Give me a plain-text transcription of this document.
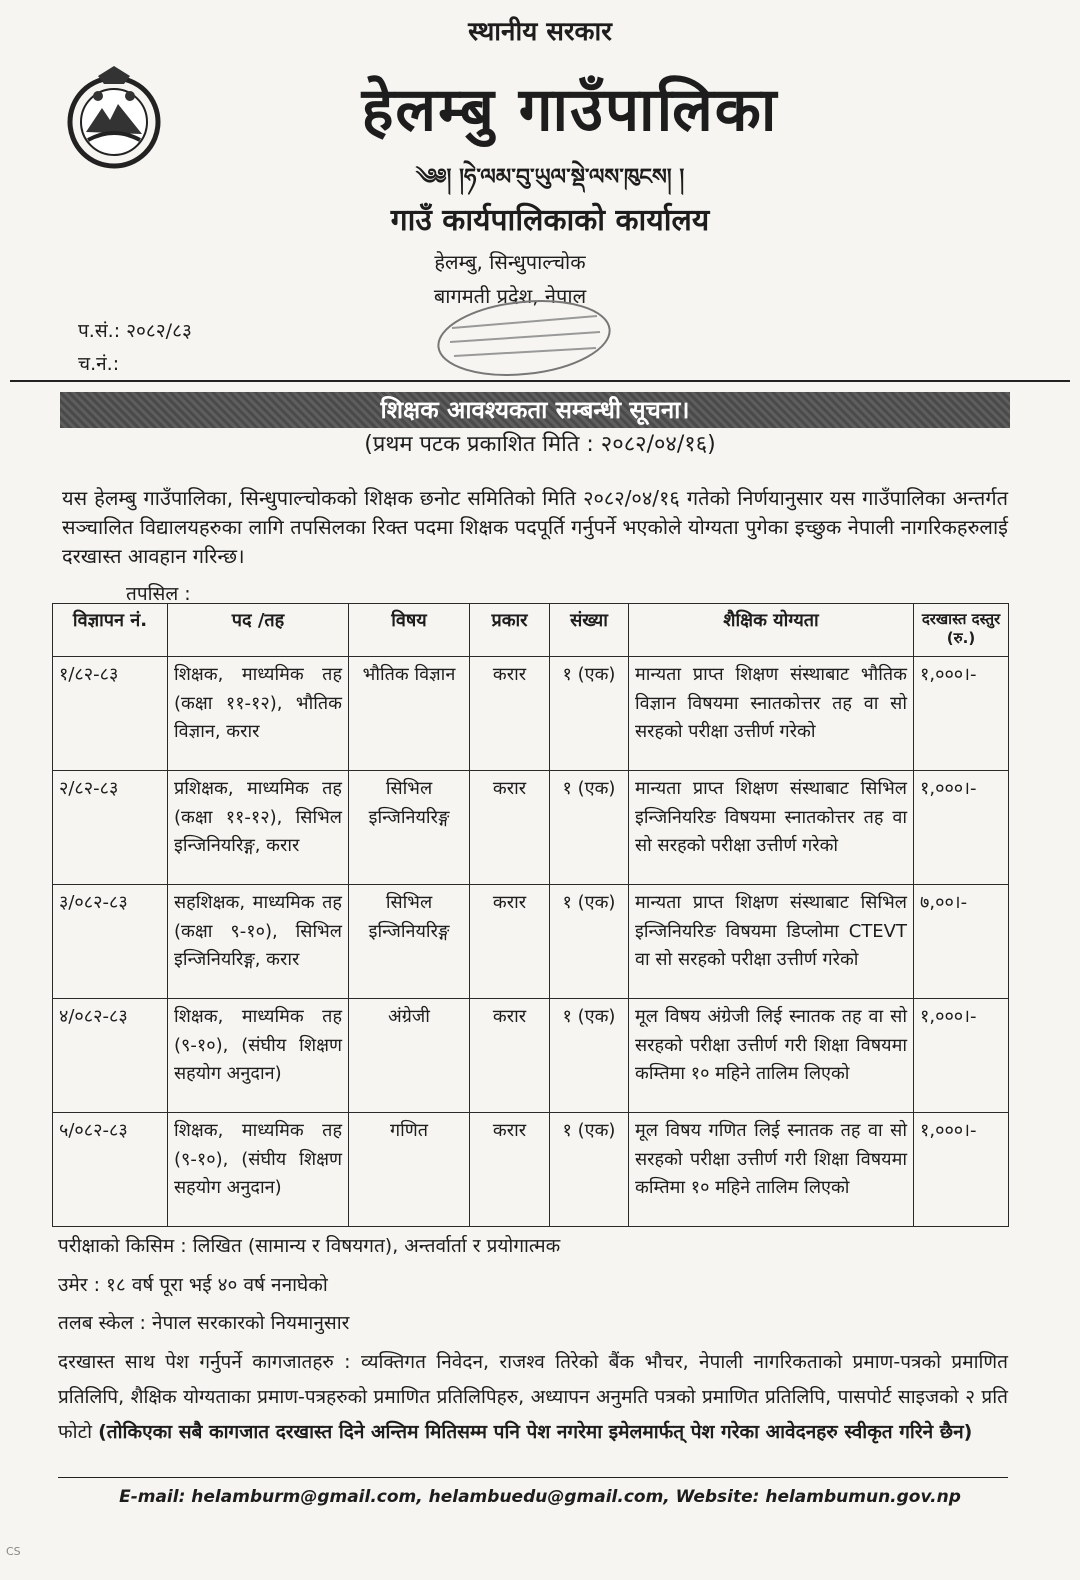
स्थानीय सरकार
हेलम्बु गाउँपालिका
༄༅། །ཧེ་ལམ་བུ་ཡུལ་སྡེ་ལས་ཁུངས། །
गाउँ कार्यपालिकाको कार्यालय
हेलम्बु, सिन्धुपाल्चोक
बागमती प्रदेश, नेपाल
प.सं.: २०८२/८३
च.नं.:
शिक्षक आवश्यकता सम्बन्धी सूचना।
(प्रथम पटक प्रकाशित मिति : २०८२/०४/१६)
यस हेलम्बु गाउँपालिका, सिन्धुपाल्चोकको शिक्षक छनोट समितिको मिति २०८२/०४/१६ गतेको निर्णयानुसार यस गाउँपालिका अन्तर्गत सञ्चालित विद्यालयहरुका लागि तपसिलका रिक्त पदमा शिक्षक पदपूर्ति गर्नुपर्ने भएकोले योग्यता पुगेका इच्छुक नेपाली नागरिकहरुलाई दरखास्त आवहान गरिन्छ।
तपसिल :
विज्ञापन नं.	पद /तह	विषय	प्रकार	संख्या	शैक्षिक योग्यता	दरखास्त दस्तुर (रु.)
१/८२-८३	शिक्षक, माध्यमिक तह (कक्षा ११-१२), भौतिक विज्ञान, करार	भौतिक विज्ञान	करार	१ (एक)	मान्यता प्राप्त शिक्षण संस्थाबाट भौतिक विज्ञान विषयमा स्नातकोत्तर तह वा सो सरहको परीक्षा उत्तीर्ण गरेको	१,०००।-
२/८२-८३	प्रशिक्षक, माध्यमिक तह (कक्षा ११-१२), सिभिल इन्जिनियरिङ्ग, करार	सिभिल इन्जिनियरिङ्ग	करार	१ (एक)	मान्यता प्राप्त शिक्षण संस्थाबाट सिभिल इन्जिनियरिङ विषयमा स्नातकोत्तर तह वा सो सरहको परीक्षा उत्तीर्ण गरेको	१,०००।-
३/०८२-८३	सहशिक्षक, माध्यमिक तह (कक्षा ९-१०), सिभिल इन्जिनियरिङ्ग, करार	सिभिल इन्जिनियरिङ्ग	करार	१ (एक)	मान्यता प्राप्त शिक्षण संस्थाबाट सिभिल इन्जिनियरिङ विषयमा डिप्लोमा CTEVT वा सो सरहको परीक्षा उत्तीर्ण गरेको	७,००।-
४/०८२-८३	शिक्षक, माध्यमिक तह (९-१०), (संघीय शिक्षण सहयोग अनुदान)	अंग्रेजी	करार	१ (एक)	मूल विषय अंग्रेजी लिई स्नातक तह वा सो सरहको परीक्षा उत्तीर्ण गरी शिक्षा विषयमा कम्तिमा १० महिने तालिम लिएको	१,०००।-
५/०८२-८३	शिक्षक, माध्यमिक तह (९-१०), (संघीय शिक्षण सहयोग अनुदान)	गणित	करार	१ (एक)	मूल विषय गणित लिई स्नातक तह वा सो सरहको परीक्षा उत्तीर्ण गरी शिक्षा विषयमा कम्तिमा १० महिने तालिम लिएको	१,०००।-
परीक्षाको किसिम : लिखित (सामान्य र विषयगत), अन्तर्वार्ता र प्रयोगात्मक
उमेर : १८ वर्ष पूरा भई ४० वर्ष ननाघेको
तलब स्केल : नेपाल सरकारको नियमानुसार
दरखास्त साथ पेश गर्नुपर्ने कागजातहरु : व्यक्तिगत निवेदन, राजश्व तिरेको बैंक भौचर, नेपाली नागरिकताको प्रमाण-पत्रको प्रमाणित प्रतिलिपि, शैक्षिक योग्यताका प्रमाण-पत्रहरुको प्रमाणित प्रतिलिपिहरु, अध्यापन अनुमति पत्रको प्रमाणित प्रतिलिपि, पासपोर्ट साइजको २ प्रति फोटो (तोकिएका सबै कागजात दरखास्त दिने अन्तिम मितिसम्म पनि पेश नगरेमा इमेलमार्फत् पेश गरेका आवेदनहरु स्वीकृत गरिने छैन)
E-mail: helamburm@gmail.com, helambuedu@gmail.com, Website: helambumun.gov.np
CS
